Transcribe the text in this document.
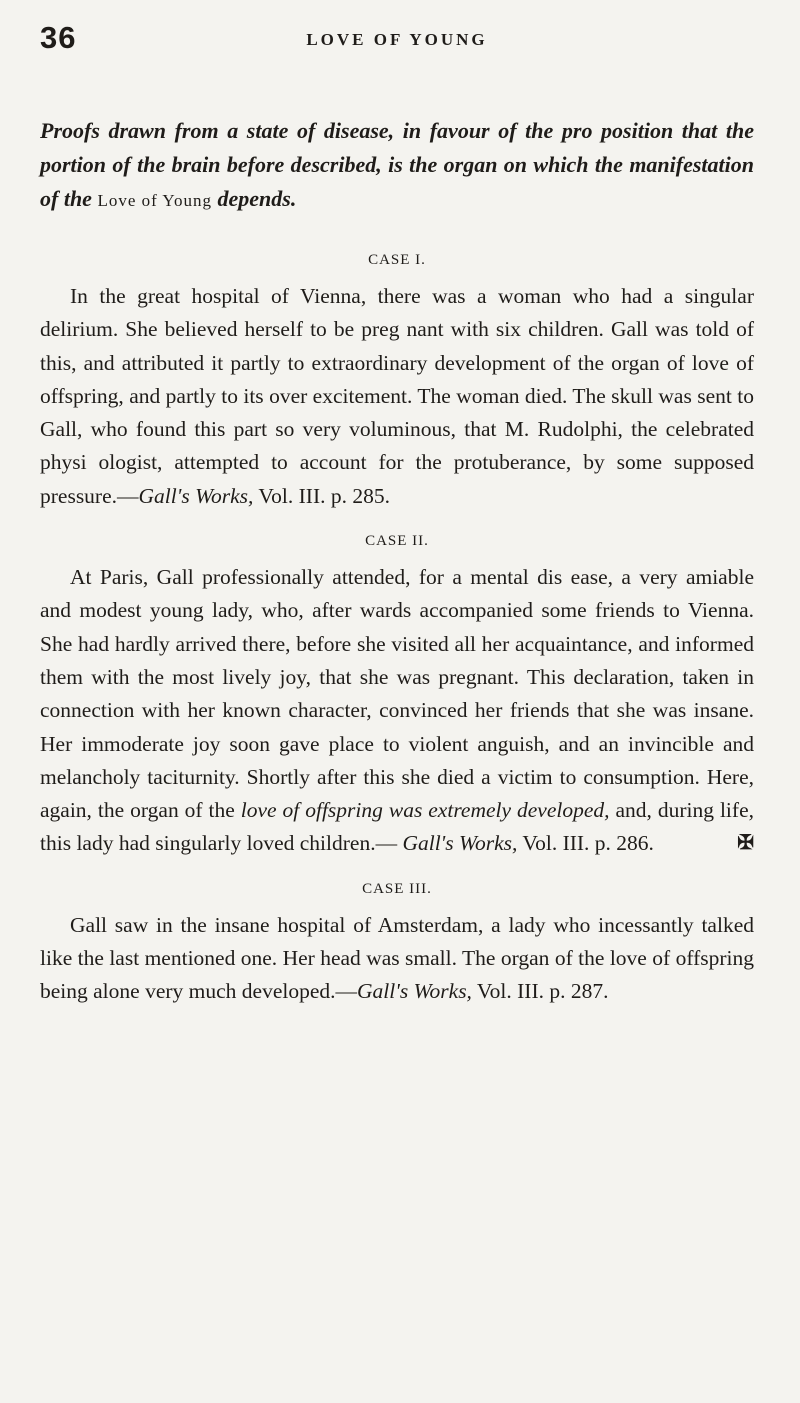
36	LOVE OF YOUNG

Proofs drawn from a state of disease, in favour of the pro position that the portion of the brain before described, is the organ on which the manifestation of the Love of Young depends.

CASE I.

In the great hospital of Vienna, there was a woman who had a singular delirium. She believed herself to be preg nant with six children. Gall was told of this, and attributed it partly to extraordinary development of the organ of love of offspring, and partly to its over excitement. The woman died. The skull was sent to Gall, who found this part so very voluminous, that M. Rudolphi, the celebrated physi ologist, attempted to account for the protuberance, by some supposed pressure.—Gall's Works, Vol. III. p. 285.

CASE II.

At Paris, Gall professionally attended, for a mental dis ease, a very amiable and modest young lady, who, after wards accompanied some friends to Vienna. She had hardly arrived there, before she visited all her acquaintance, and informed them with the most lively joy, that she was pregnant. This declaration, taken in connection with her known character, convinced her friends that she was insane. Her immoderate joy soon gave place to violent anguish, and an invincible and melancholy taciturnity. Shortly after this she died a victim to consumption. Here, again, the organ of the love of offspring was extremely developed, and, during life, this lady had singularly loved children.— Gall's Works, Vol. III. p. 286.	✠

CASE III.

Gall saw in the insane hospital of Amsterdam, a lady who incessantly talked like the last mentioned one. Her head was small. The organ of the love of offspring being alone very much developed.—Gall's Works, Vol. III. p. 287.
